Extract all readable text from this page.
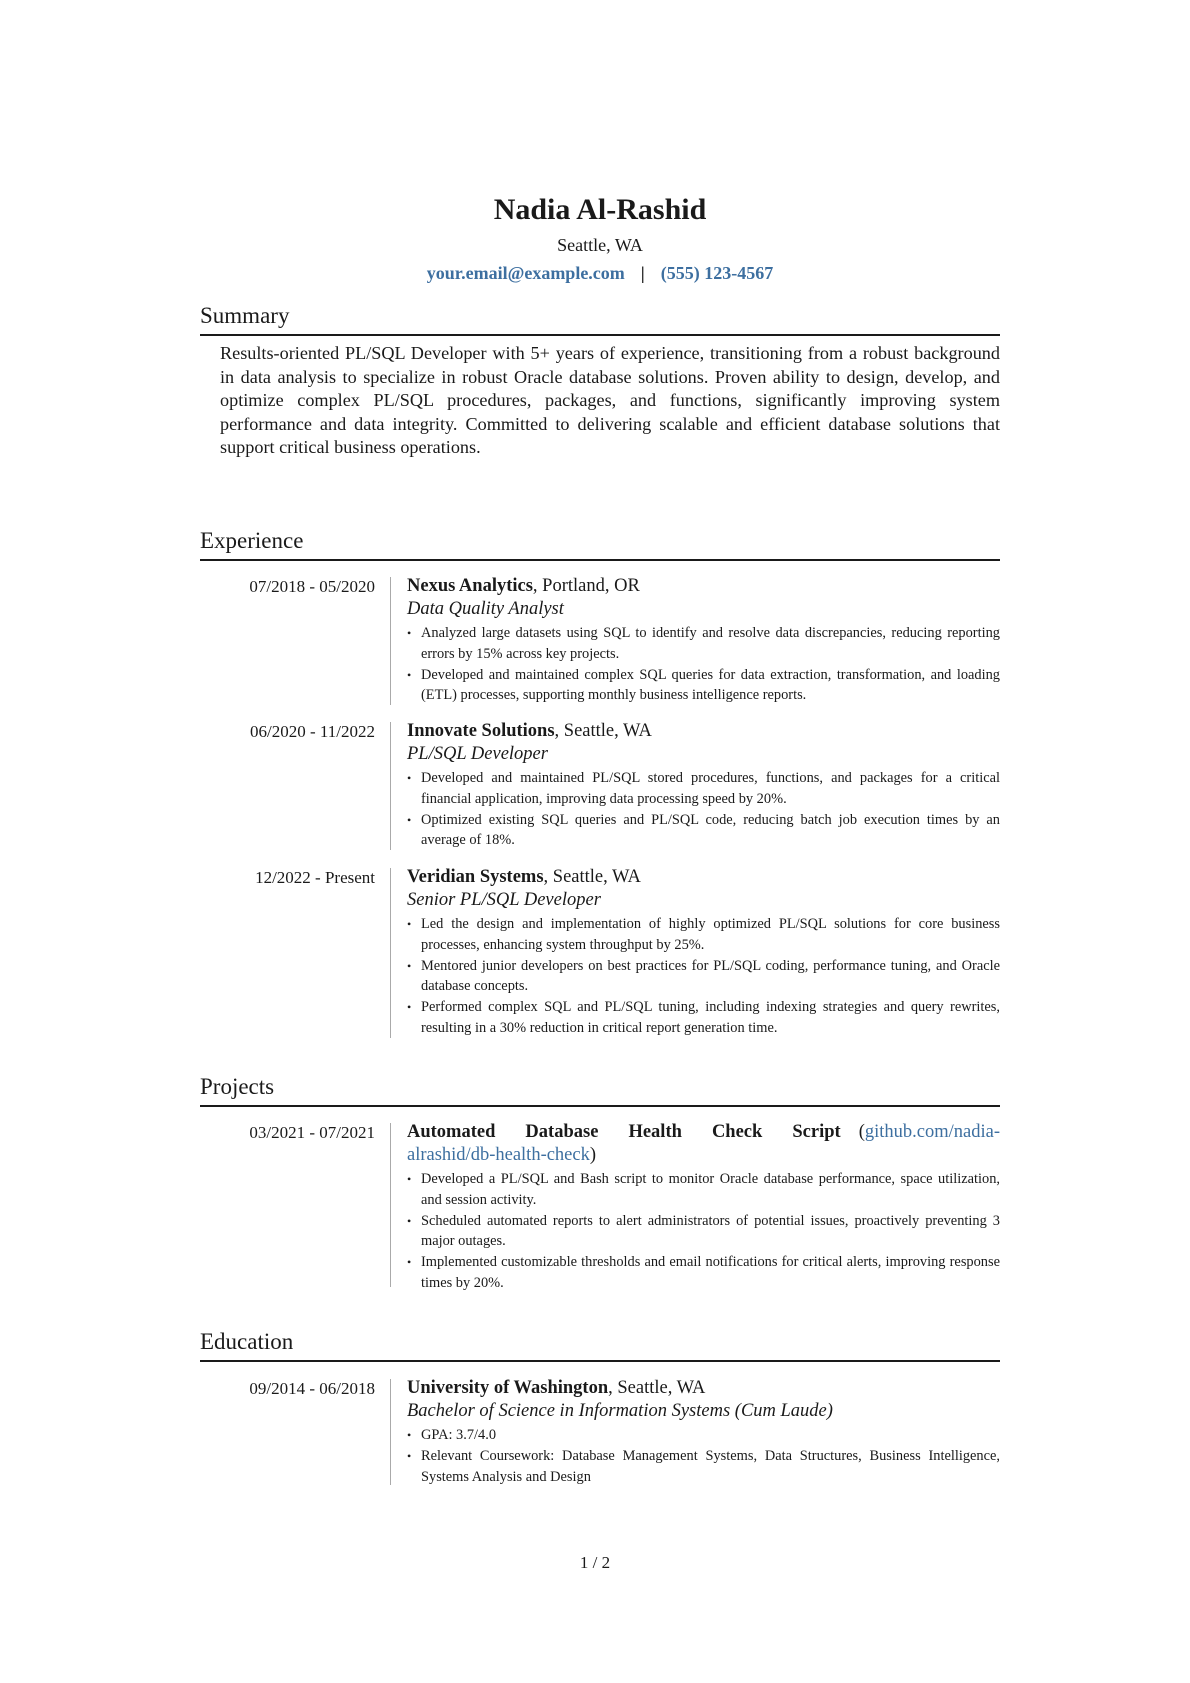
Nadia Al-Rashid
Seattle, WA
your.email@example.com | (555) 123-4567
Summary
Results-oriented PL/SQL Developer with 5+ years of experience, transitioning from a robust background in data analysis to specialize in robust Oracle database solutions. Proven ability to design, develop, and optimize complex PL/SQL procedures, packages, and functions, significantly improving system performance and data integrity. Committed to delivering scalable and efficient database solutions that support critical business operations.
Experience
07/2018 - 05/2020 Nexus Analytics, Portland, OR
Data Quality Analyst
• Analyzed large datasets using SQL to identify and resolve data discrepancies, reducing reporting errors by 15% across key projects.
• Developed and maintained complex SQL queries for data extraction, transformation, and loading (ETL) processes, supporting monthly business intelligence reports.
06/2020 - 11/2022 Innovate Solutions, Seattle, WA
PL/SQL Developer
• Developed and maintained PL/SQL stored procedures, functions, and packages for a critical financial application, improving data processing speed by 20%.
• Optimized existing SQL queries and PL/SQL code, reducing batch job execution times by an average of 18%.
12/2022 - Present Veridian Systems, Seattle, WA
Senior PL/SQL Developer
• Led the design and implementation of highly optimized PL/SQL solutions for core business processes, enhancing system throughput by 25%.
• Mentored junior developers on best practices for PL/SQL coding, performance tuning, and Oracle database concepts.
• Performed complex SQL and PL/SQL tuning, including indexing strategies and query rewrites, resulting in a 30% reduction in critical report generation time.
Projects
03/2021 - 07/2021 Automated Database Health Check Script (github.com/nadia-alrashid/db-health-check)
• Developed a PL/SQL and Bash script to monitor Oracle database performance, space utilization, and session activity.
• Scheduled automated reports to alert administrators of potential issues, proactively preventing 3 major outages.
• Implemented customizable thresholds and email notifications for critical alerts, improving response times by 20%.
Education
09/2014 - 06/2018 University of Washington, Seattle, WA
Bachelor of Science in Information Systems (Cum Laude)
• GPA: 3.7/4.0
• Relevant Coursework: Database Management Systems, Data Structures, Business Intelligence, Systems Analysis and Design
1 / 2
